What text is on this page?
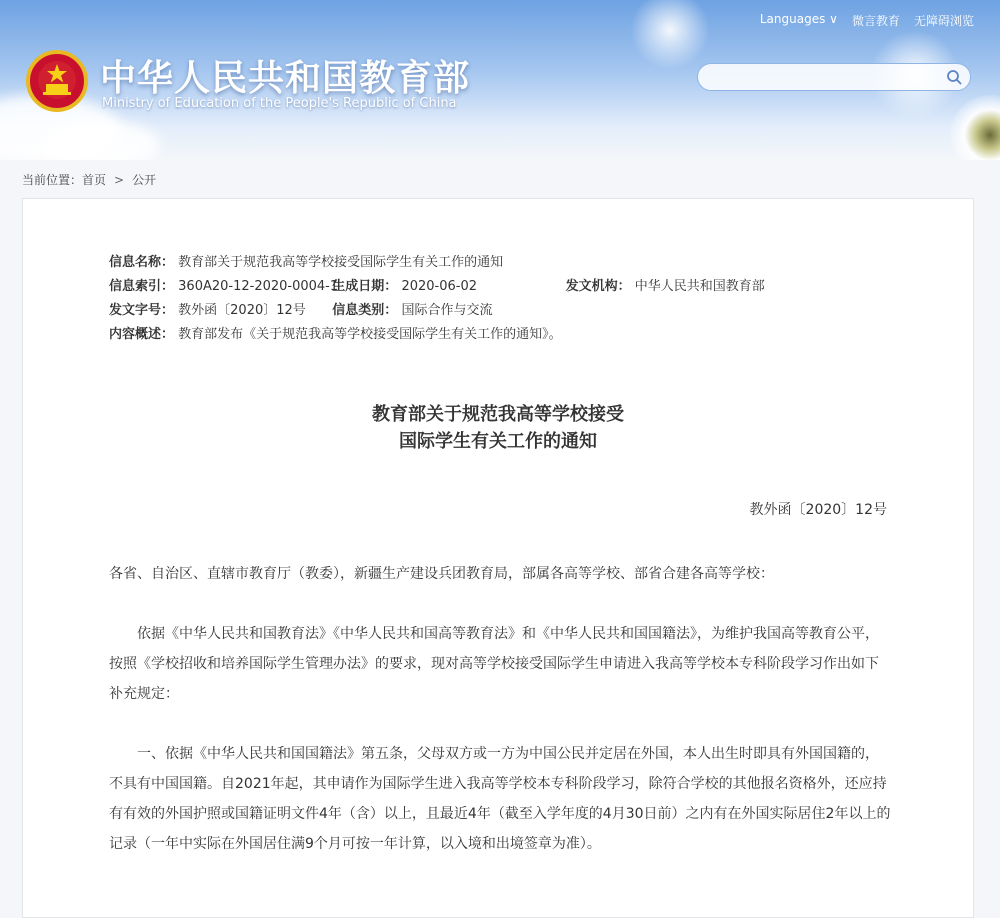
Languages ∨ 微言教育 无障碍浏览
中华人民共和国教育部
Ministry of Education of the People's Republic of China
当前位置：首页 > 公开
信息名称： 教育部关于规范我高等学校接受国际学生有关工作的通知
信息索引： 360A20-12-2020-0004-1 生成日期： 2020-06-02	发文机构： 中华人民共和国教育部
发文字号： 教外函〔2020〕12号 信息类别： 国际合作与交流
内容概述： 教育部发布《关于规范我高等学校接受国际学生有关工作的通知》。
教育部关于规范我高等学校接受
国际学生有关工作的通知
教外函〔2020〕12号
各省、自治区、直辖市教育厅（教委），新疆生产建设兵团教育局，部属各高等学校、部省合建各高等学校：
依据《中华人民共和国教育法》《中华人民共和国高等教育法》和《中华人民共和国国籍法》，为维护我国高等教育公平，按照《学校招收和培养国际学生管理办法》的要求，现对高等学校接受国际学生申请进入我高等学校本专科阶段学习作出如下补充规定：
一、依据《中华人民共和国国籍法》第五条，父母双方或一方为中国公民并定居在外国，本人出生时即具有外国国籍的，不具有中国国籍。自2021年起，其申请作为国际学生进入我高等学校本专科阶段学习，除符合学校的其他报名资格外，还应持有有效的外国护照或国籍证明文件4年（含）以上，且最近4年（截至入学年度的4月30日前）之内有在外国实际居住2年以上的记录（一年中实际在外国居住满9个月可按一年计算，以入境和出境签章为准）。
